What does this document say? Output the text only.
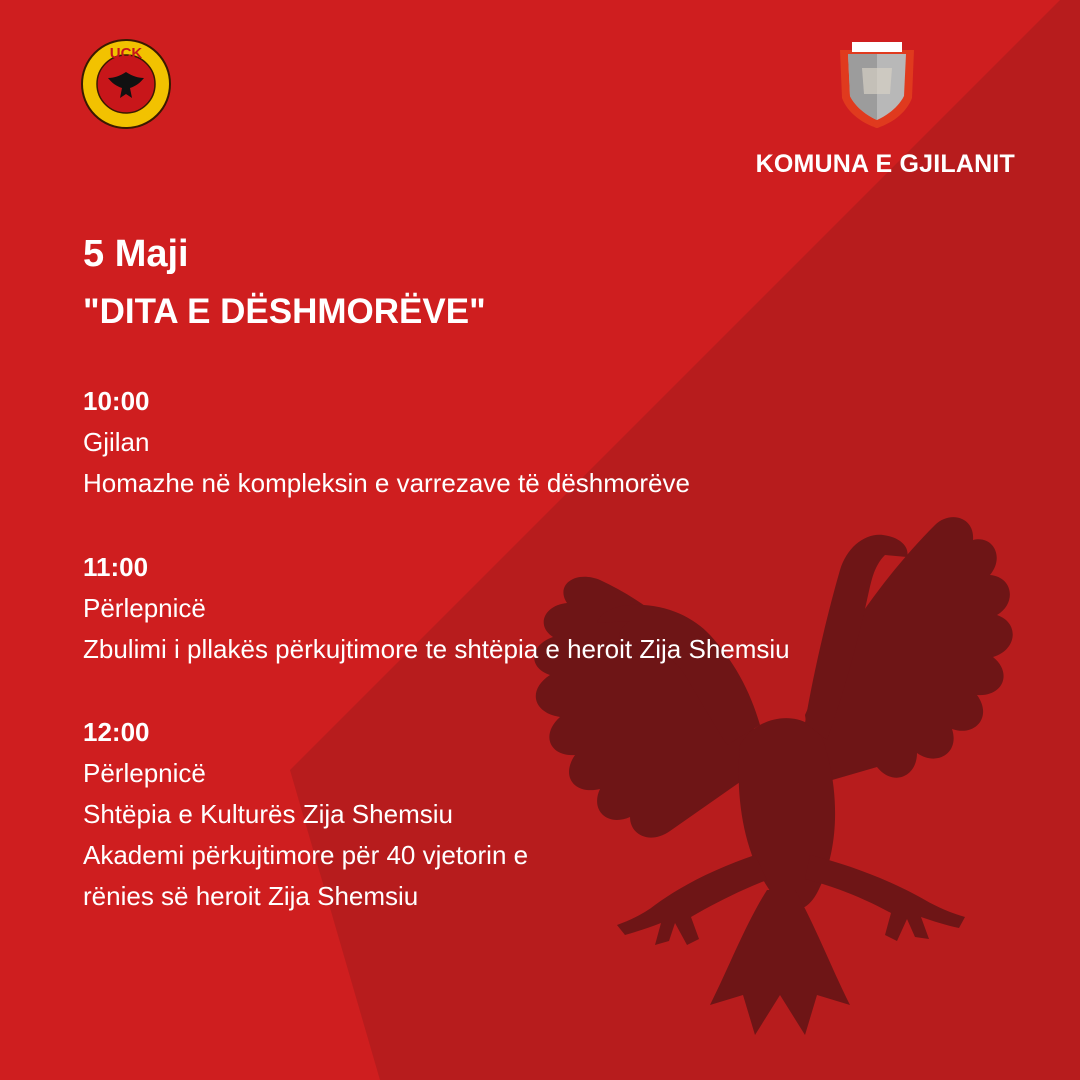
UÇK
KOMUNA E GJILANIT
5 Maji
"DITA E DËSHMORËVE"
10:00
Gjilan
Homazhe në kompleksin e varrezave të dëshmorëve
11:00
Përlepnicë
Zbulimi i pllakës përkujtimore te shtëpia e heroit Zija Shemsiu
12:00
Përlepnicë
Shtëpia e Kulturës Zija Shemsiu
Akademi përkujtimore për 40 vjetorin e
rënies së heroit Zija Shemsiu
